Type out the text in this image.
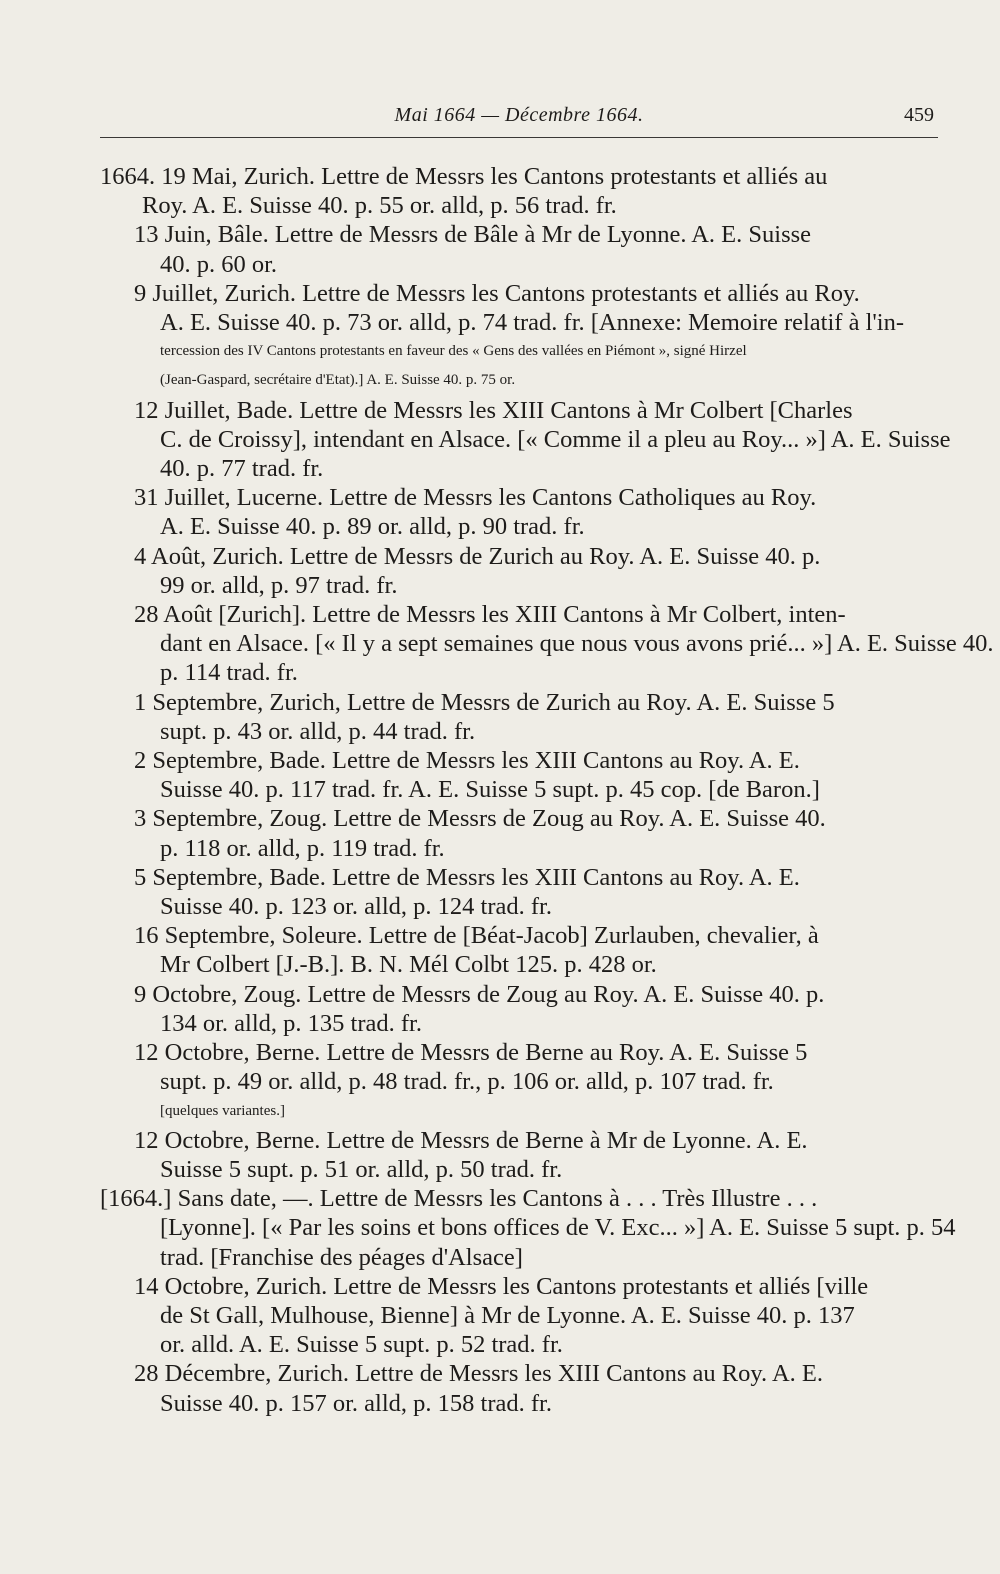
Mai 1664 — Décembre 1664.	459
1664. 19 Mai, Zurich. Lettre de Messrs les Cantons protestants et alliés au
Roy. A. E. Suisse 40. p. 55 or. alld, p. 56 trad. fr.
13 Juin, Bâle. Lettre de Messrs de Bâle à Mr de Lyonne. A. E. Suisse
40. p. 60 or.
9 Juillet, Zurich. Lettre de Messrs les Cantons protestants et alliés au Roy.
A. E. Suisse 40. p. 73 or. alld, p. 74 trad. fr. [Annexe: Memoire relatif à l'in-
tercession des IV Cantons protestants en faveur des « Gens des vallées en Piémont », signé Hirzel
(Jean-Gaspard, secrétaire d'Etat).] A. E. Suisse 40. p. 75 or.
12 Juillet, Bade. Lettre de Messrs les XIII Cantons à Mr Colbert [Charles
C. de Croissy], intendant en Alsace. [« Comme il a pleu au Roy... »] A. E. Suisse
40. p. 77 trad. fr.
31 Juillet, Lucerne. Lettre de Messrs les Cantons Catholiques au Roy.
A. E. Suisse 40. p. 89 or. alld, p. 90 trad. fr.
4 Août, Zurich. Lettre de Messrs de Zurich au Roy. A. E. Suisse 40. p.
99 or. alld, p. 97 trad. fr.
28 Août [Zurich]. Lettre de Messrs les XIII Cantons à Mr Colbert, inten-
dant en Alsace. [« Il y a sept semaines que nous vous avons prié... »] A. E. Suisse 40.
p. 114 trad. fr.
1 Septembre, Zurich, Lettre de Messrs de Zurich au Roy. A. E. Suisse 5
supt. p. 43 or. alld, p. 44 trad. fr.
2 Septembre, Bade. Lettre de Messrs les XIII Cantons au Roy. A. E.
Suisse 40. p. 117 trad. fr. A. E. Suisse 5 supt. p. 45 cop. [de Baron.]
3 Septembre, Zoug. Lettre de Messrs de Zoug au Roy. A. E. Suisse 40.
p. 118 or. alld, p. 119 trad. fr.
5 Septembre, Bade. Lettre de Messrs les XIII Cantons au Roy. A. E.
Suisse 40. p. 123 or. alld, p. 124 trad. fr.
16 Septembre, Soleure. Lettre de [Béat-Jacob] Zurlauben, chevalier, à
Mr Colbert [J.-B.]. B. N. Mél Colbt 125. p. 428 or.
9 Octobre, Zoug. Lettre de Messrs de Zoug au Roy. A. E. Suisse 40. p.
134 or. alld, p. 135 trad. fr.
12 Octobre, Berne. Lettre de Messrs de Berne au Roy. A. E. Suisse 5
supt. p. 49 or. alld, p. 48 trad. fr., p. 106 or. alld, p. 107 trad. fr.
[quelques variantes.]
12 Octobre, Berne. Lettre de Messrs de Berne à Mr de Lyonne. A. E.
Suisse 5 supt. p. 51 or. alld, p. 50 trad. fr.
[1664.] Sans date, —. Lettre de Messrs les Cantons à . . . Très Illustre . . .
[Lyonne]. [« Par les soins et bons offices de V. Exc... »] A. E. Suisse 5 supt. p. 54
trad. [Franchise des péages d'Alsace]
14 Octobre, Zurich. Lettre de Messrs les Cantons protestants et alliés [ville
de St Gall, Mulhouse, Bienne] à Mr de Lyonne. A. E. Suisse 40. p. 137
or. alld. A. E. Suisse 5 supt. p. 52 trad. fr.
28 Décembre, Zurich. Lettre de Messrs les XIII Cantons au Roy. A. E.
Suisse 40. p. 157 or. alld, p. 158 trad. fr.
